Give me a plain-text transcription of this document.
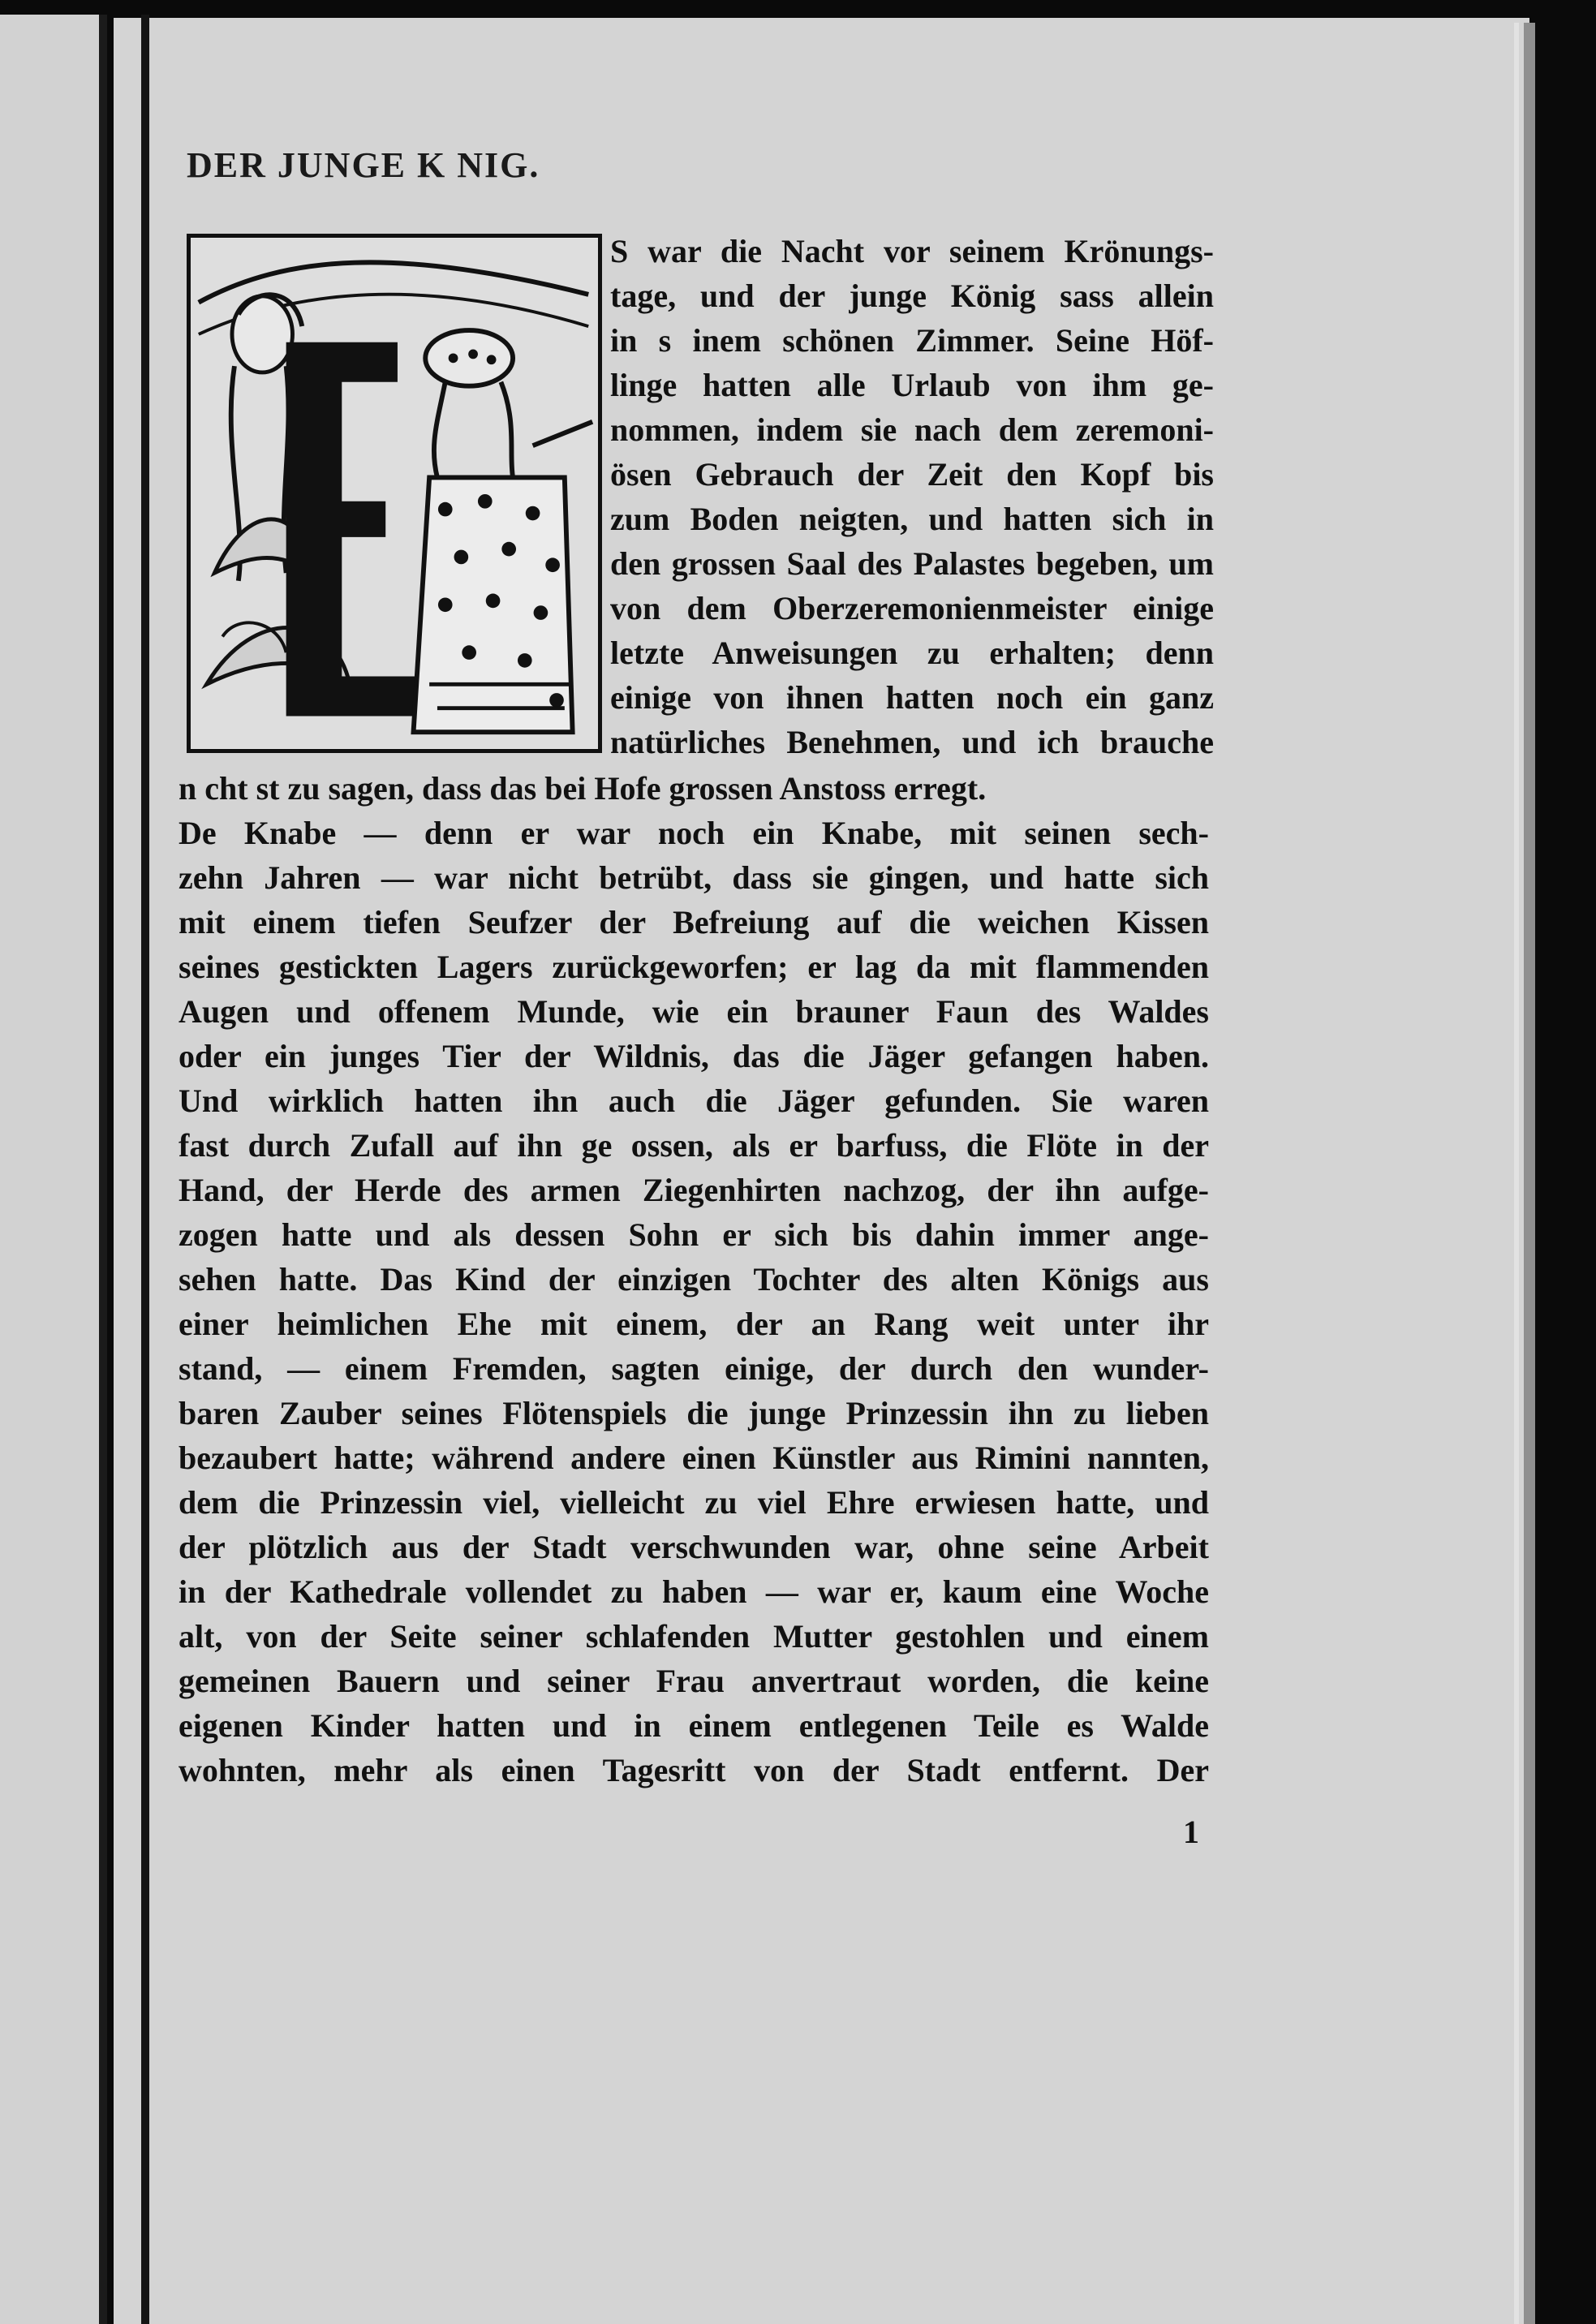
DER JUNGE K NIG.
S war die Nacht vor seinem Krönungs-
tage, und der junge König sass allein
in s inem schönen Zimmer. Seine Höf-
linge hatten alle Urlaub von ihm ge-
nommen, indem sie nach dem zeremoni-
ösen Gebrauch der Zeit den Kopf bis
zum Boden neigten, und hatten sich in
den grossen Saal des Palastes begeben, um
von dem Oberzeremonienmeister einige
letzte Anweisungen zu erhalten; denn
einige von ihnen hatten noch ein ganz
natürliches Benehmen, und ich brauche
n cht st zu sagen, dass das bei Hofe grossen Anstoss erregt.
De Knabe — denn er war noch ein Knabe, mit seinen sech-
zehn Jahren — war nicht betrübt, dass sie gingen, und hatte sich
mit einem tiefen Seufzer der Befreiung auf die weichen Kissen
seines gestickten Lagers zurückgeworfen; er lag da mit flammenden
Augen und offenem Munde, wie ein brauner Faun des Waldes
oder ein junges Tier der Wildnis, das die Jäger gefangen haben.
Und wirklich hatten ihn auch die Jäger gefunden. Sie waren
fast durch Zufall auf ihn ge ossen, als er barfuss, die Flöte in der
Hand, der Herde des armen Ziegenhirten nachzog, der ihn aufge-
zogen hatte und als dessen Sohn er sich bis dahin immer ange-
sehen hatte. Das Kind der einzigen Tochter des alten Königs aus
einer heimlichen Ehe mit einem, der an Rang weit unter ihr
stand, — einem Fremden, sagten einige, der durch den wunder-
baren Zauber seines Flötenspiels die junge Prinzessin ihn zu lieben
bezaubert hatte; während andere einen Künstler aus Rimini nannten,
dem die Prinzessin viel, vielleicht zu viel Ehre erwiesen hatte, und
der plötzlich aus der Stadt verschwunden war, ohne seine Arbeit
in der Kathedrale vollendet zu haben — war er, kaum eine Woche
alt, von der Seite seiner schlafenden Mutter gestohlen und einem
gemeinen Bauern und seiner Frau anvertraut worden, die keine
eigenen Kinder hatten und in einem entlegenen Teile es Walde
wohnten, mehr als einen Tagesritt von der Stadt entfernt. Der
1
